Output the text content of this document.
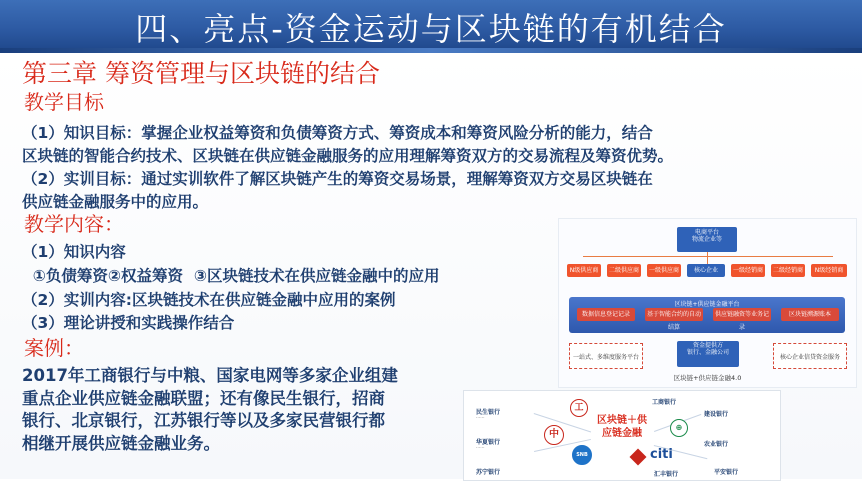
四、亮点-资金运动与区块链的有机结合
第三章 筹资管理与区块链的结合
教学目标
（1）知识目标：掌握企业权益筹资和负债筹资方式、筹资成本和筹资风险分析的能力，结合
区块链的智能合约技术、区块链在供应链金融服务的应用理解筹资双方的交易流程及筹资优势。
（2）实训目标：通过实训软件了解区块链产生的筹资交易场景，理解筹资双方交易区块链在
供应链金融服务中的应用。
教学内容：
（1）知识内容
①负债筹资②权益筹资  ③区块链技术在供应链金融中的应用
（2）实训内容:区块链技术在供应链金融中应用的案例
（3）理论讲授和实践操作结合
案例：
2017年工商银行与中粮、国家电网等多家企业组建
重点企业供应链金融联盟；还有像民生银行，招商
银行、北京银行，江苏银行等以及多家民营银行都
相继开展供应链金融业务。
电商平台
物流企业等
N级供应商	二级供应商	一级供应商	核心企业	一级经销商	二级经销商	N级经销商
区块链+供应链金融平台
数据信息登记记录	基于智能合约的自动结算
供应链融资等业务记录
区块链溯源账本
一站式、多维度服务平台
资金提供方
银行、金融公司
核心企业信贷资金服务
区块链+供应链金融4.0
民生银行
······
华夏银行
······
苏宁银行
工商银行
建设银行
农业银行
汇丰银行	平安银行
中
工
SNB
⊕
citi
区块链＋供
应链金融
